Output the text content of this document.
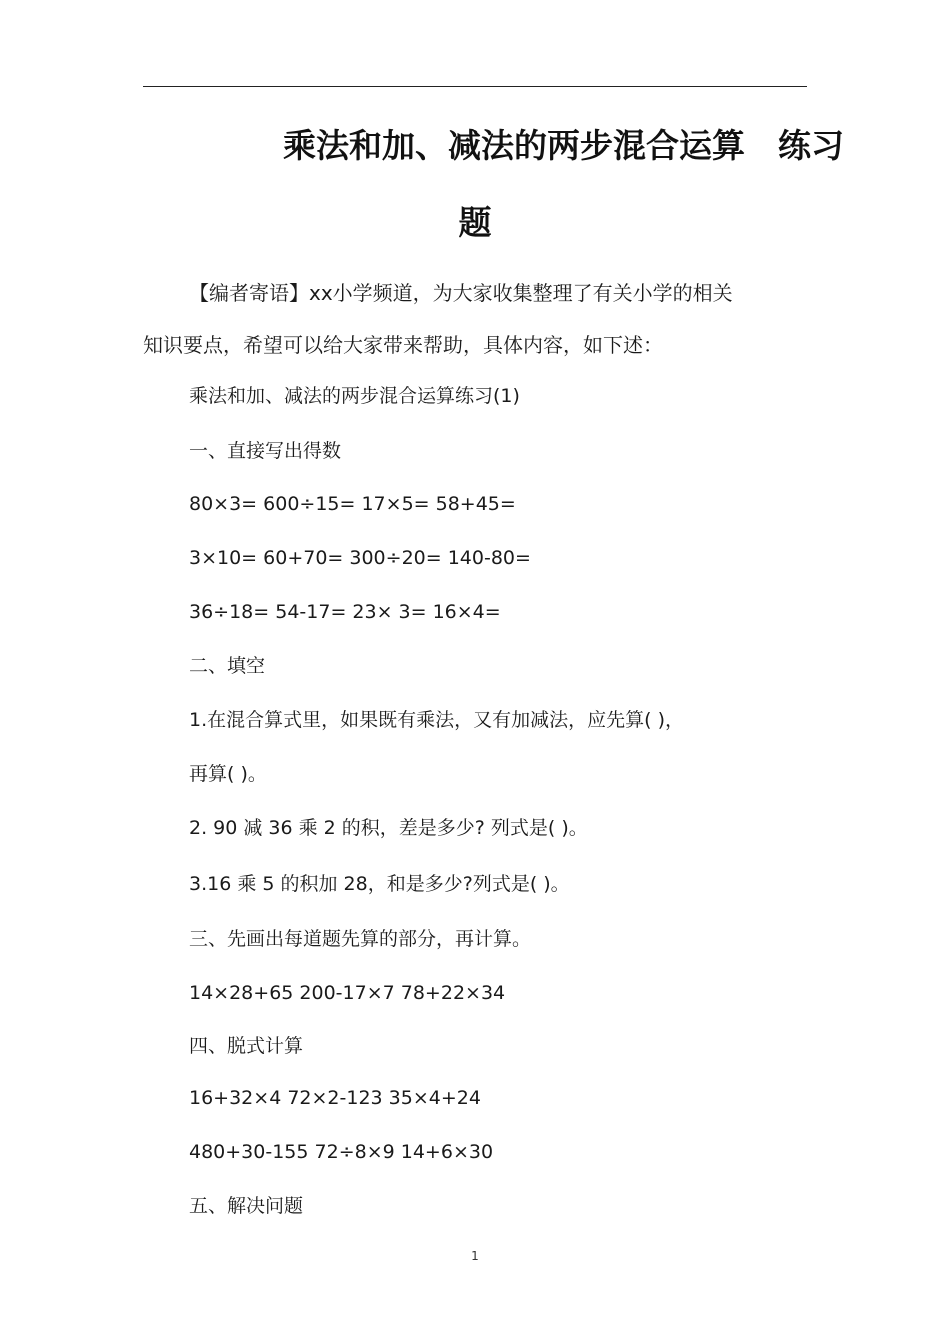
乘法和加、减法的两步混合运算　练习
题
【编者寄语】xx小学频道，为大家收集整理了有关小学的相关
知识要点，希望可以给大家带来帮助，具体内容，如下述：
乘法和加、减法的两步混合运算练习(1)
一、直接写出得数
80×3= 600÷15= 17×5= 58+45=
3×10= 60+70= 300÷20= 140-80=
36÷18= 54-17= 23× 3= 16×4=
二、填空
1.在混合算式里，如果既有乘法，又有加减法，应先算( )，
再算( )。
2. 90 减 36 乘 2 的积，差是多少? 列式是( )。
3.16 乘 5 的积加 28，和是多少?列式是( )。
三、先画出每道题先算的部分，再计算。
14×28+65 200-17×7 78+22×34
四、脱式计算
16+32×4 72×2-123 35×4+24
480+30-155 72÷8×9 14+6×30
五、解决问题
1
